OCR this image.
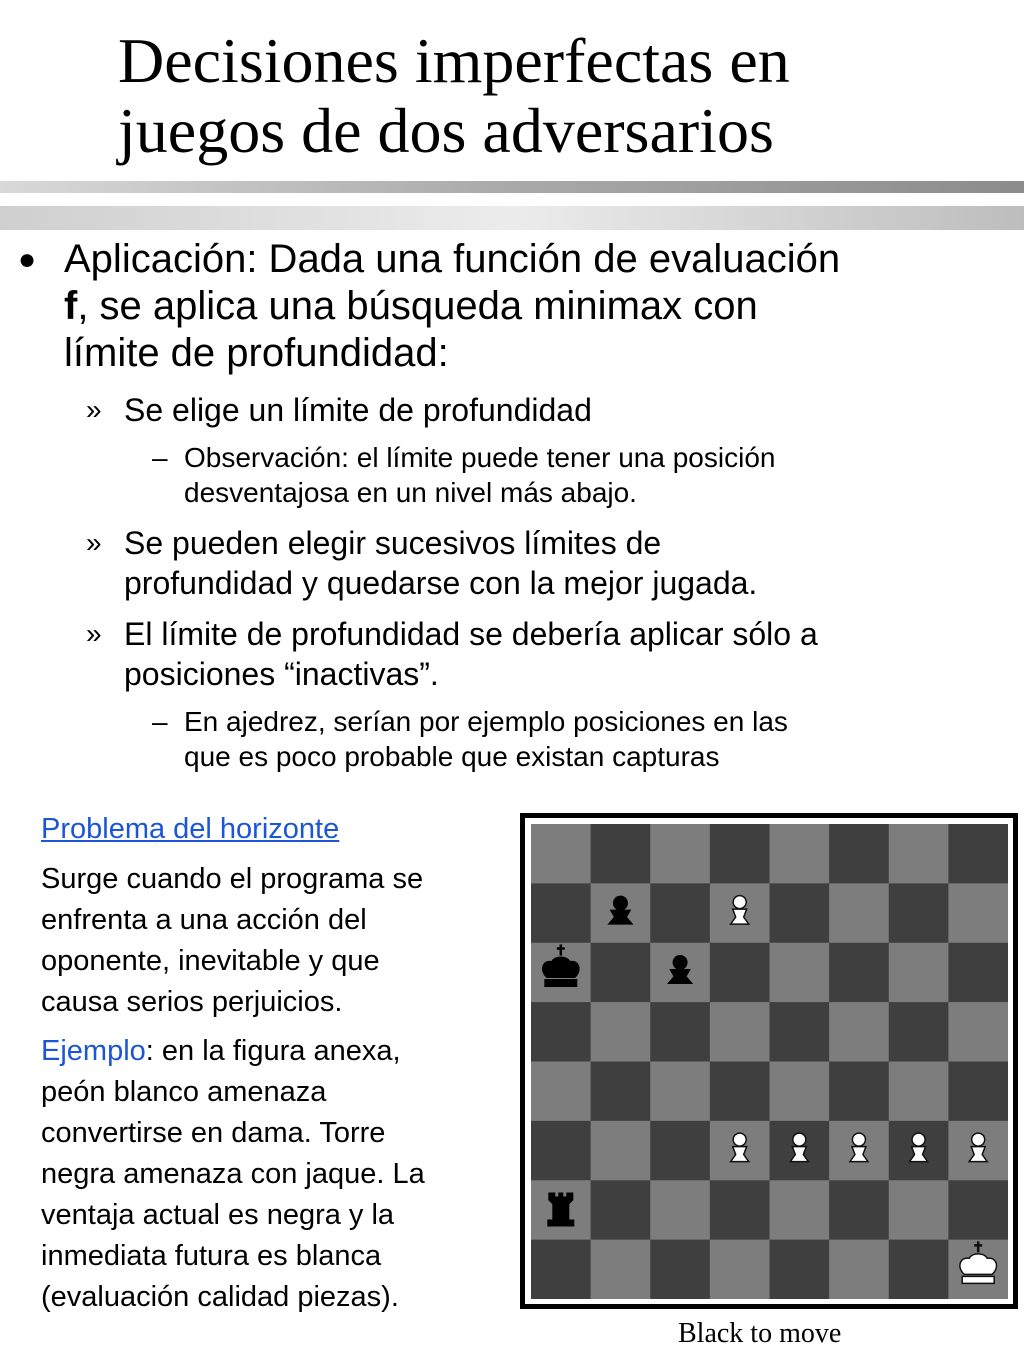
Decisiones imperfectas en
juegos de dos adversarios
● Aplicación: Dada una función de evaluación
f, se aplica una búsqueda minimax con
límite de profundidad:
» Se elige un límite de profundidad
– Observación: el límite puede tener una posición
desventajosa en un nivel más abajo.
» Se pueden elegir sucesivos límites de
profundidad y quedarse con la mejor jugada.
» El límite de profundidad se debería aplicar sólo a
posiciones “inactivas”.
– En ajedrez, serían por ejemplo posiciones en las
que es poco probable que existan capturas
Problema del horizonte
Surge cuando el programa se
enfrenta a una acción del
oponente, inevitable y que
causa serios perjuicios.
Ejemplo: en la figura anexa,
peón blanco amenaza
convertirse en dama. Torre
negra amenaza con jaque. La
ventaja actual es negra y la
inmediata futura es blanca
(evaluación calidad piezas).
Black to move
